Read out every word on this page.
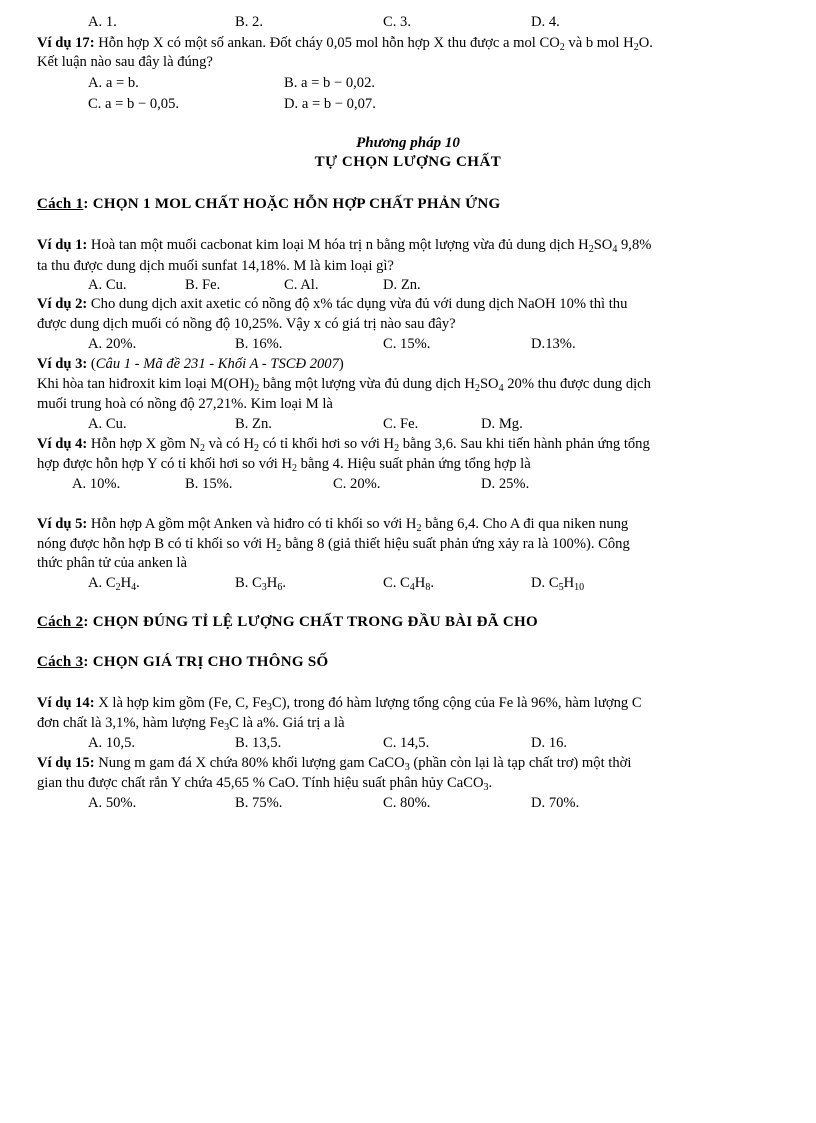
A. 1.	B. 2.	C. 3.	D. 4.
Ví dụ 17: Hỗn hợp X có một số ankan. Đốt cháy 0,05 mol hỗn hợp X thu được a mol $CO_2$ và b mol $H_2O$.
Kết luận nào sau đây là đúng?
A. a = b.	B. a = b − 0,02.
C. a = b − 0,05.	D. a = b − 0,07.
Phương pháp 10
TỰ CHỌN LƯỢNG CHẤT
Cách 1: CHỌN 1 MOL CHẤT HOẶC HỖN HỢP CHẤT PHẢN ỨNG
Ví dụ 1: Hoà tan một muối cacbonat kim loại M hóa trị n bằng một lượng vừa đủ dung dịch $H_2SO_4$ 9,8%
ta thu được dung dịch muối sunfat 14,18%. M là kim loại gì?
A. Cu.	B. Fe.	C. Al.	D. Zn.
Ví dụ 2: Cho dung dịch axit axetic có nồng độ x% tác dụng vừa đủ với dung dịch NaOH 10% thì thu
được dung dịch muối có nồng độ 10,25%. Vậy x có giá trị nào sau đây?
A. 20%.	B. 16%.	C. 15%.	D.13%.
Ví dụ 3: (Câu 1 - Mã đề 231 - Khối A - TSCĐ 2007)
Khi hòa tan hiđroxit kim loại $M(OH)_2$ bằng một lượng vừa đủ dung dịch $H_2SO_4$ 20% thu được dung dịch
muối trung hoà có nồng độ 27,21%. Kim loại M là
A. Cu.	B. Zn.	C. Fe.	D. Mg.
Ví dụ 4: Hỗn hợp X gồm $N_2$ và có $H_2$ có tỉ khối hơi so với $H_2$ bằng 3,6. Sau khi tiến hành phản ứng tổng
hợp được hỗn hợp Y có tỉ khối hơi so với $H_2$ bằng 4. Hiệu suất phản ứng tổng hợp là
A. 10%.	B. 15%.	C. 20%.	D. 25%.
Ví dụ 5: Hỗn hợp A gồm một Anken và hiđro có tỉ khối so với $H_2$ bằng 6,4. Cho A đi qua niken nung
nóng được hỗn hợp B có tỉ khối so với $H_2$ bằng 8 (giả thiết hiệu suất phản ứng xảy ra là 100%). Công
thức phân tử của anken là
A. $C_2H_4$.	B. $C_3H_6$.	C. $C_4H_8$.	D. $C_5H_{10}$
Cách 2: CHỌN ĐÚNG TỈ LỆ LƯỢNG CHẤT TRONG ĐẦU BÀI ĐÃ CHO
Cách 3: CHỌN GIÁ TRỊ CHO THÔNG SỐ
Ví dụ 14: X là hợp kim gồm (Fe, C, $Fe_3C$), trong đó hàm lượng tổng cộng của Fe là 96%, hàm lượng C
đơn chất là 3,1%, hàm lượng $Fe_3C$ là a%. Giá trị a là
A. 10,5.	B. 13,5.	C. 14,5.	D. 16.
Ví dụ 15: Nung m gam đá X chứa 80% khối lượng gam CaCO$_3$ (phần còn lại là tạp chất trơ) một thời
gian thu được chất rắn Y chứa 45,65 % CaO. Tính hiệu suất phân hủy CaCO$_3$.
A. 50%.	B. 75%.	C. 80%.	D. 70%.
